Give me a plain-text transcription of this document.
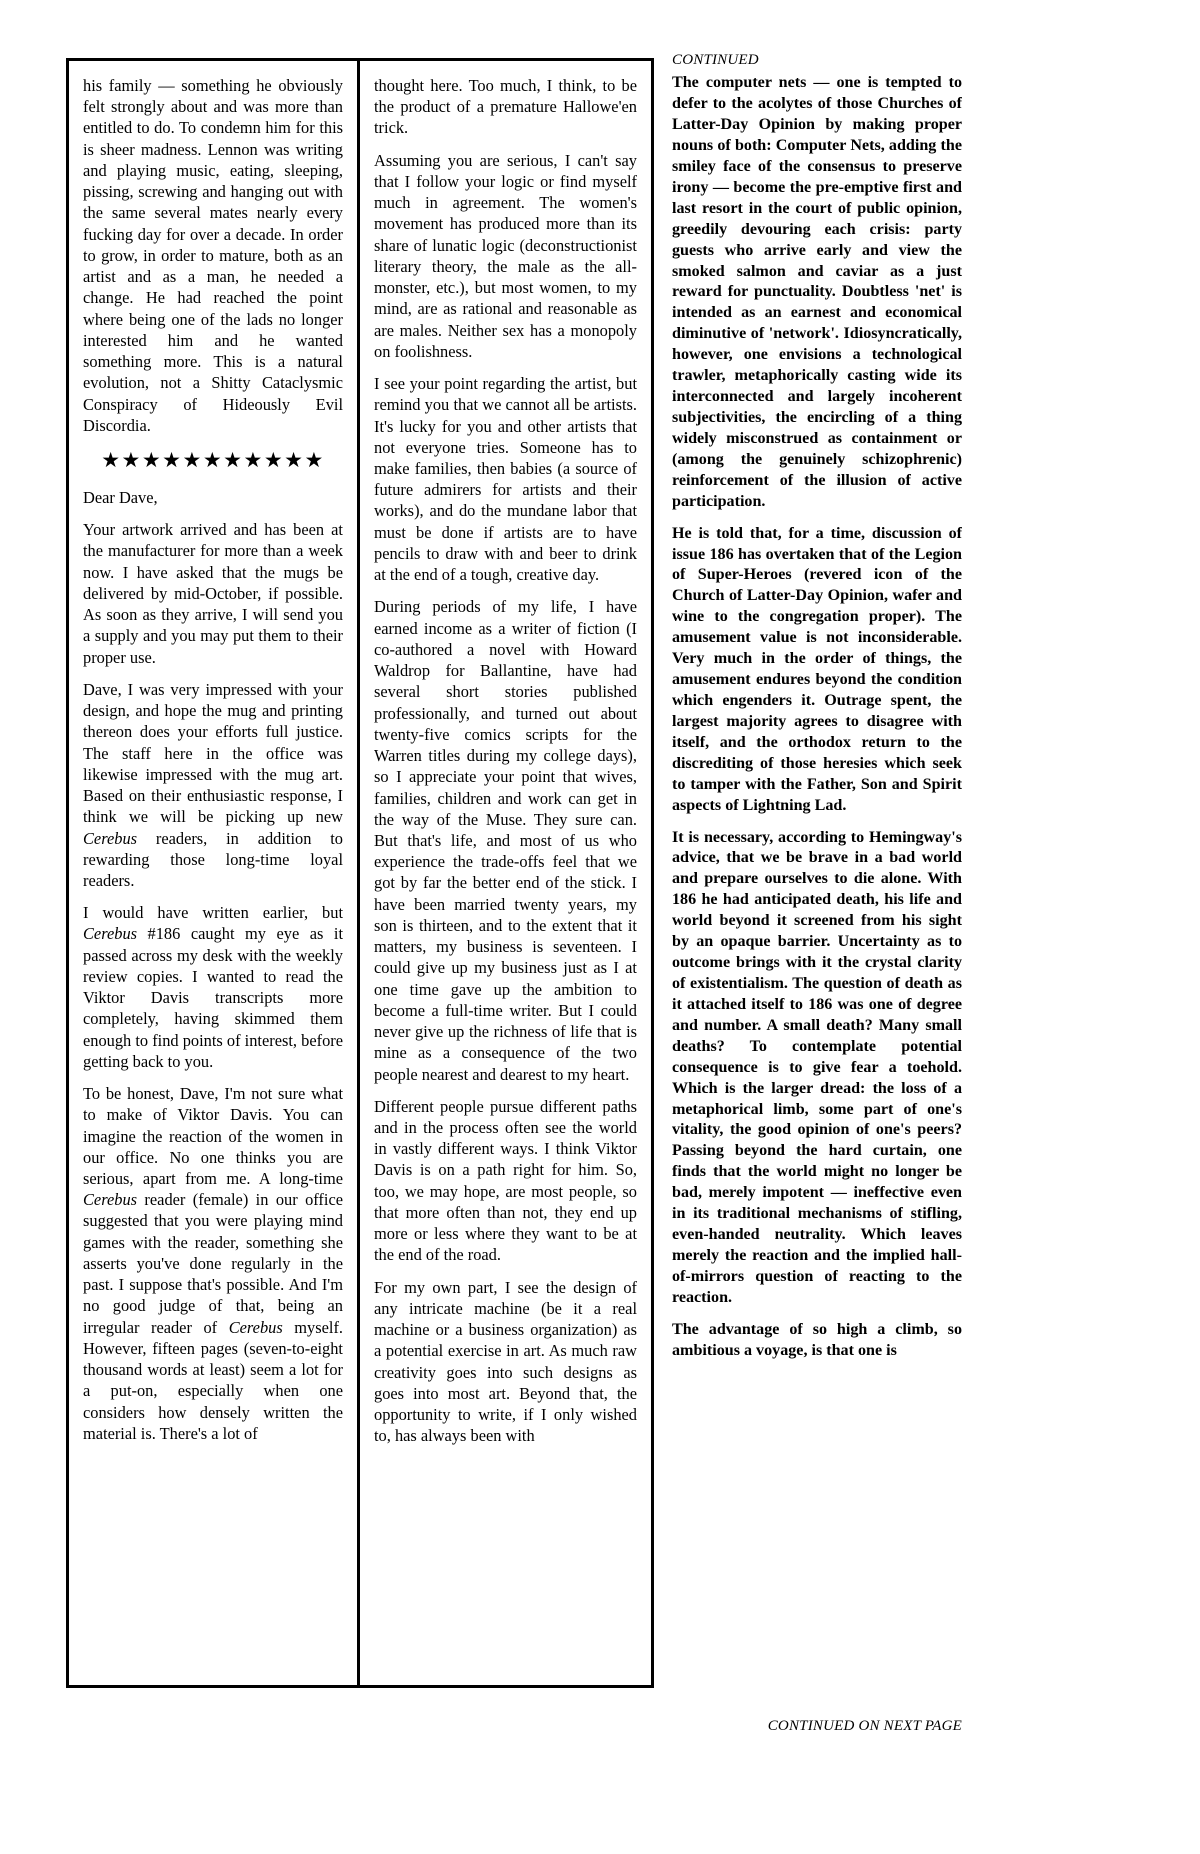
his family — something he obviously felt strongly about and was more than entitled to do. To condemn him for this is sheer madness. Lennon was writing and playing music, eating, sleeping, pissing, screwing and hanging out with the same several mates nearly every fucking day for over a decade. In order to grow, in order to mature, both as an artist and as a man, he needed a change. He had reached the point where being one of the lads no longer interested him and he wanted something more. This is a natural evolution, not a Shitty Cataclysmic Conspiracy of Hideously Evil Discordia.

★★★★★★★★★★★
Dear Dave,

Your artwork arrived and has been at the manufacturer for more than a week now. I have asked that the mugs be delivered by mid-October, if possible. As soon as they arrive, I will send you a supply and you may put them to their proper use.

Dave, I was very impressed with your design, and hope the mug and printing thereon does your efforts full justice. The staff here in the office was likewise impressed with the mug art. Based on their enthusiastic response, I think we will be picking up new Cerebus readers, in addition to rewarding those long-time loyal readers.

I would have written earlier, but Cerebus #186 caught my eye as it passed across my desk with the weekly review copies. I wanted to read the Viktor Davis transcripts more completely, having skimmed them enough to find points of interest, before getting back to you.

To be honest, Dave, I'm not sure what to make of Viktor Davis. You can imagine the reaction of the women in our office. No one thinks you are serious, apart from me. A long-time Cerebus reader (female) in our office suggested that you were playing mind games with the reader, something she asserts you've done regularly in the past. I suppose that's possible. And I'm no good judge of that, being an irregular reader of Cerebus myself. However, fifteen pages (seven-to-eight thousand words at least) seem a lot for a put-on, especially when one considers how densely written the material is. There's a lot of

thought here. Too much, I think, to be the product of a premature Hallowe'en trick.

Assuming you are serious, I can't say that I follow your logic or find myself much in agreement. The women's movement has produced more than its share of lunatic logic (deconstructionist literary theory, the male as the all-monster, etc.), but most women, to my mind, are as rational and reasonable as are males. Neither sex has a monopoly on foolishness.

I see your point regarding the artist, but remind you that we cannot all be artists. It's lucky for you and other artists that not everyone tries. Someone has to make families, then babies (a source of future admirers for artists and their works), and do the mundane labor that must be done if artists are to have pencils to draw with and beer to drink at the end of a tough, creative day.

During periods of my life, I have earned income as a writer of fiction (I co-authored a novel with Howard Waldrop for Ballantine, have had several short stories published professionally, and turned out about twenty-five comics scripts for the Warren titles during my college days), so I appreciate your point that wives, families, children and work can get in the way of the Muse. They sure can. But that's life, and most of us who experience the trade-offs feel that we got by far the better end of the stick. I have been married twenty years, my son is thirteen, and to the extent that it matters, my business is seventeen. I could give up my business just as I at one time gave up the ambition to become a full-time writer. But I could never give up the richness of life that is mine as a consequence of the two people nearest and dearest to my heart.

Different people pursue different paths and in the process often see the world in vastly different ways. I think Viktor Davis is on a path right for him. So, too, we may hope, are most people, so that more often than not, they end up more or less where they want to be at the end of the road.

For my own part, I see the design of any intricate machine (be it a real machine or a business organization) as a potential exercise in art. As much raw creativity goes into such designs as goes into most art. Beyond that, the opportunity to write, if I only wished to, has always been with

CONTINUED

The computer nets — one is tempted to defer to the acolytes of those Churches of Latter-Day Opinion by making proper nouns of both: Computer Nets, adding the smiley face of the consensus to preserve irony — become the pre-emptive first and last resort in the court of public opinion, greedily devouring each crisis: party guests who arrive early and view the smoked salmon and caviar as a just reward for punctuality. Doubtless 'net' is intended as an earnest and economical diminutive of 'network'. Idiosyncratically, however, one envisions a technological trawler, metaphorically casting wide its interconnected and largely incoherent subjectivities, the encircling of a thing widely misconstrued as containment or (among the genuinely schizophrenic) reinforcement of the illusion of active participation.

He is told that, for a time, discussion of issue 186 has overtaken that of the Legion of Super-Heroes (revered icon of the Church of Latter-Day Opinion, wafer and wine to the congregation proper). The amusement value is not inconsiderable. Very much in the order of things, the amusement endures beyond the condition which engenders it. Outrage spent, the largest majority agrees to disagree with itself, and the orthodox return to the discrediting of those heresies which seek to tamper with the Father, Son and Spirit aspects of Lightning Lad.

It is necessary, according to Hemingway's advice, that we be brave in a bad world and prepare ourselves to die alone. With 186 he had anticipated death, his life and world beyond it screened from his sight by an opaque barrier. Uncertainty as to outcome brings with it the crystal clarity of existentialism. The question of death as it attached itself to 186 was one of degree and number. A small death? Many small deaths? To contemplate potential consequence is to give fear a toehold. Which is the larger dread: the loss of a metaphorical limb, some part of one's vitality, the good opinion of one's peers? Passing beyond the hard curtain, one finds that the world might no longer be bad, merely impotent — ineffective even in its traditional mechanisms of stifling, even-handed neutrality. Which leaves merely the reaction and the implied hall-of-mirrors question of reacting to the reaction.

The advantage of so high a climb, so ambitious a voyage, is that one is

CONTINUED ON NEXT PAGE
